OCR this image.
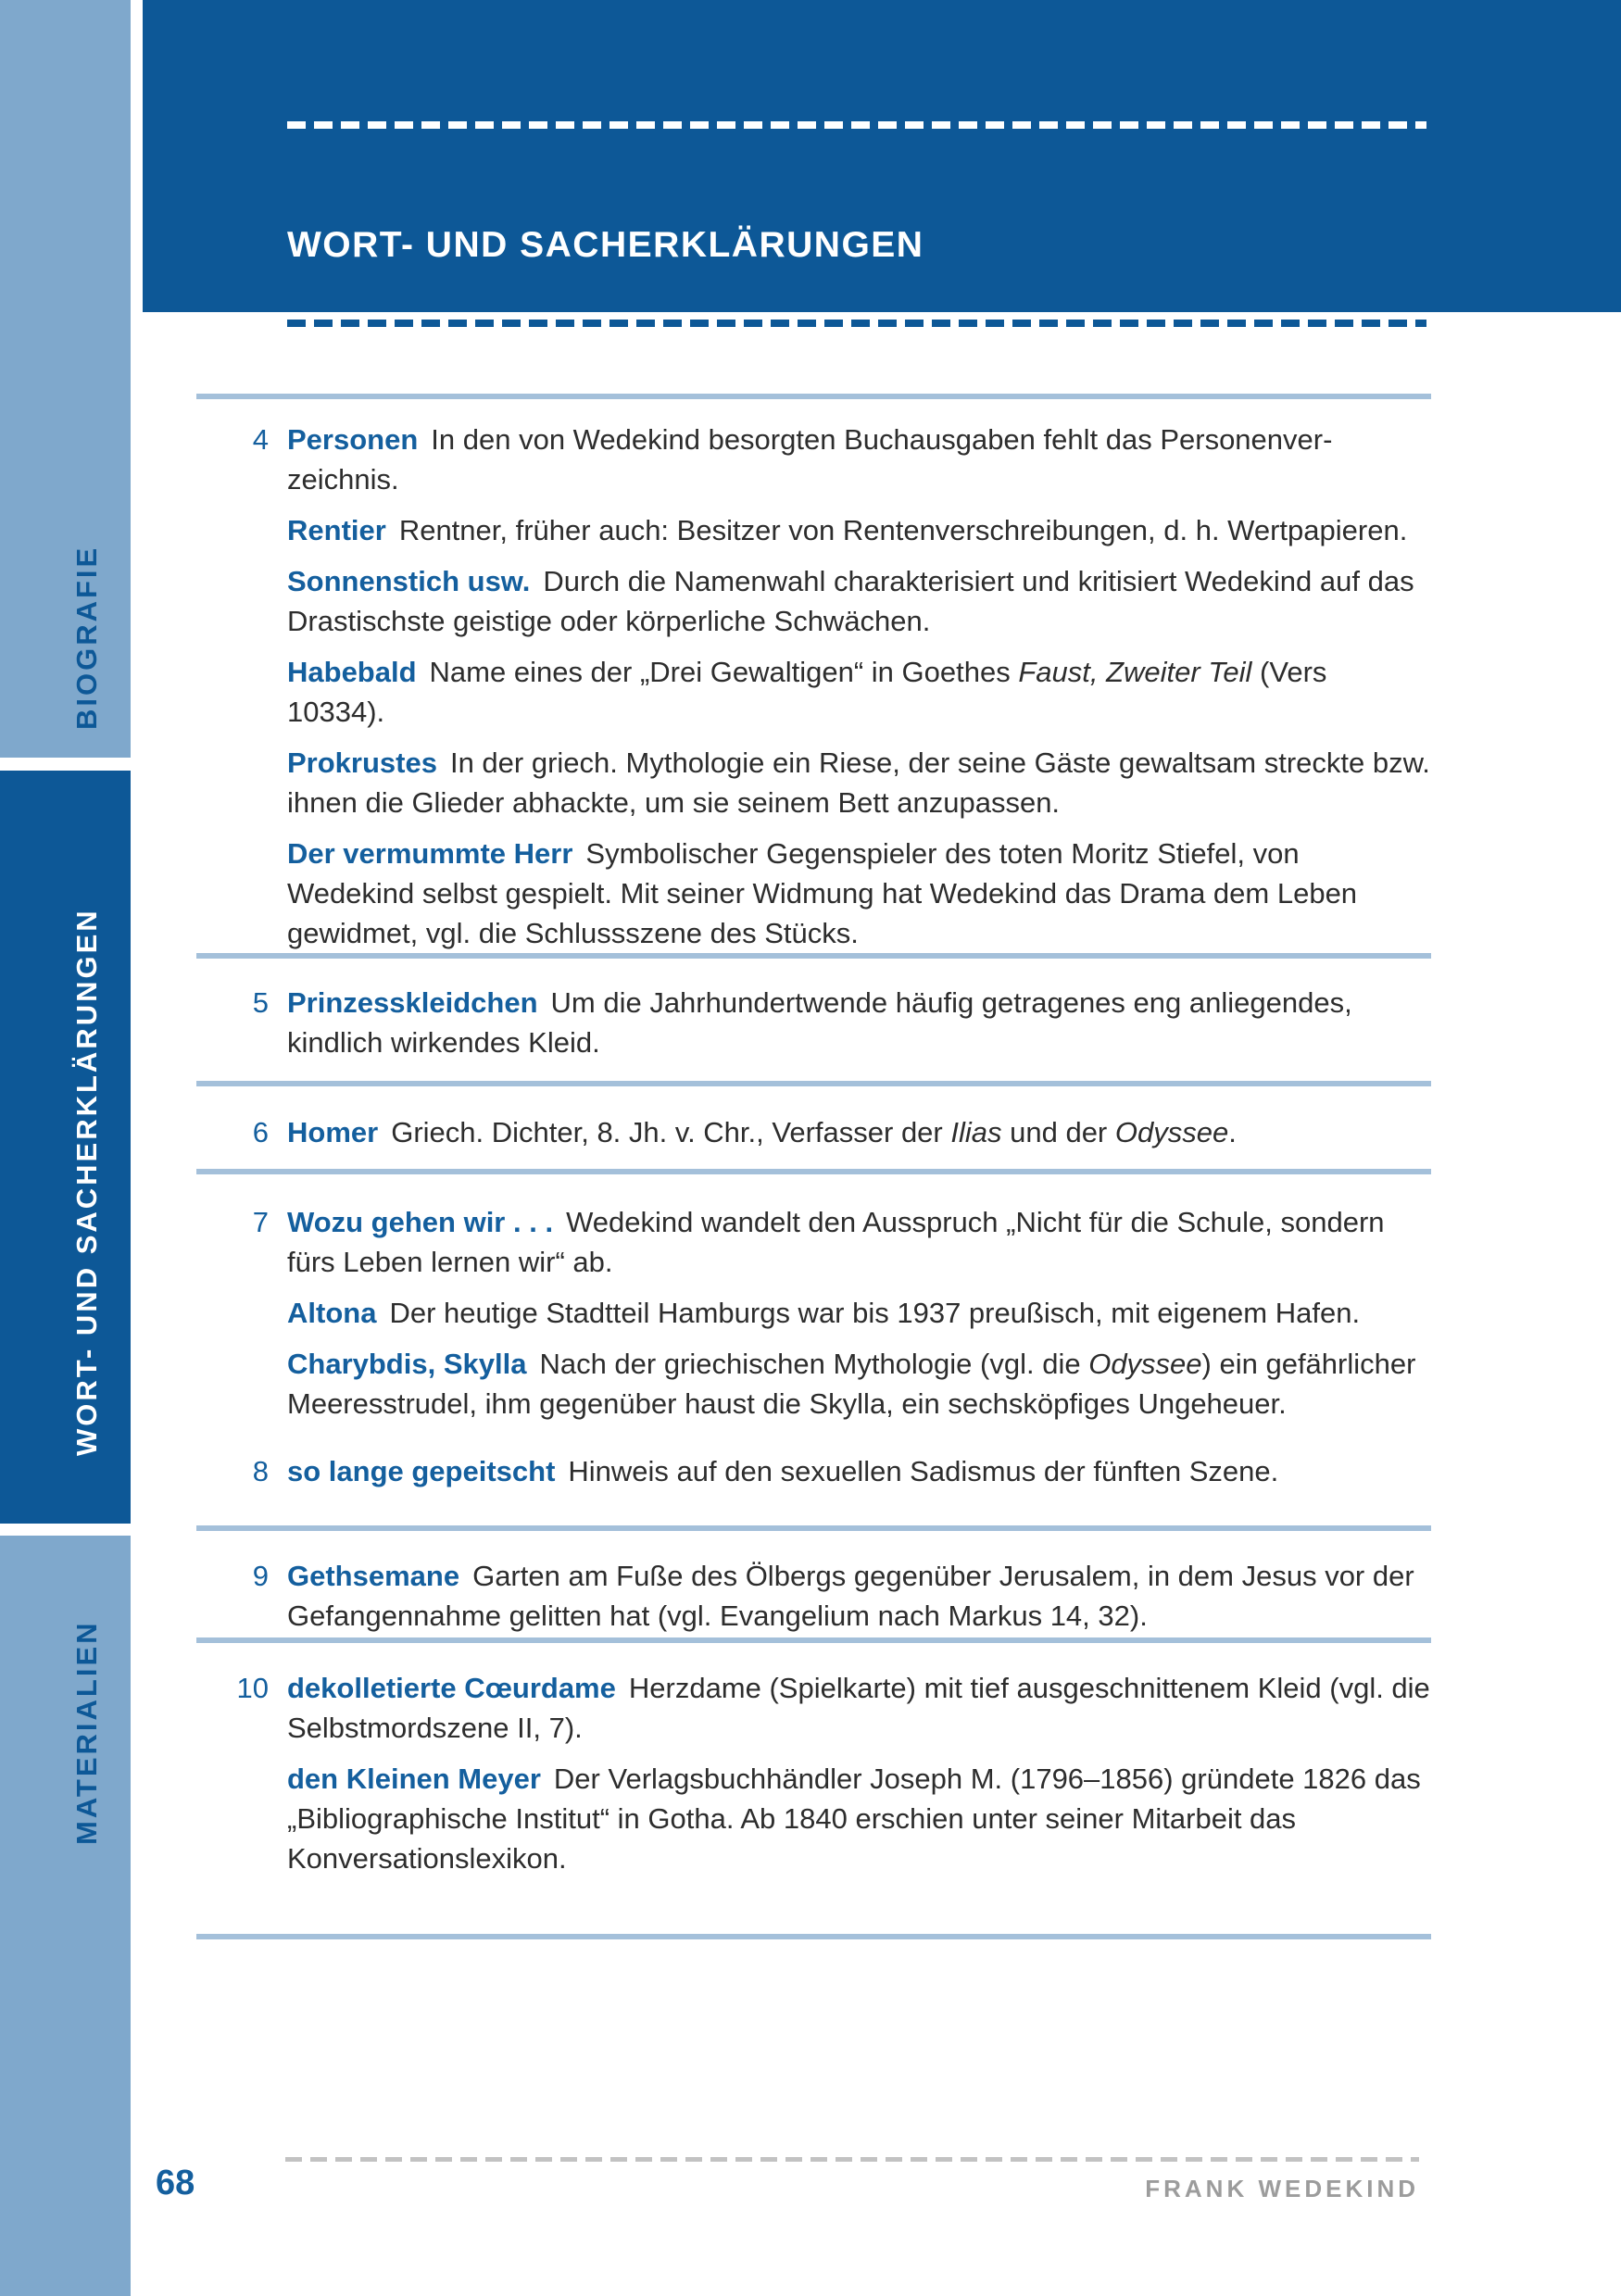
BIOGRAFIE
WORT- UND SACHERKLÄRUNGEN
MATERIALIEN
WORT- UND SACHERKLÄRUNGEN
4 Personen In den von Wedekind besorgten Buchausgaben fehlt das Personenverzeichnis.

Rentier Rentner, früher auch: Besitzer von Rentenverschreibungen, d. h. Wertpapieren.

Sonnenstich usw. Durch die Namenwahl charakterisiert und kritisiert Wedekind auf das Drastischste geistige oder körperliche Schwächen.

Habebald Name eines der „Drei Gewaltigen“ in Goethes Faust, Zweiter Teil (Vers 10334).

Prokrustes In der griech. Mythologie ein Riese, der seine Gäste gewaltsam streckte bzw. ihnen die Glieder abhackte, um sie seinem Bett anzupassen.

Der vermummte Herr Symbolischer Gegenspieler des toten Moritz Stiefel, von Wedekind selbst gespielt. Mit seiner Widmung hat Wedekind das Drama dem Leben gewidmet, vgl. die Schlussszene des Stücks.

5 Prinzesskleidchen Um die Jahrhundertwende häufig getragenes eng anliegendes, kindlich wirkendes Kleid.

6 Homer Griech. Dichter, 8. Jh. v. Chr., Verfasser der Ilias und der Odyssee.

7 Wozu gehen wir . . . Wedekind wandelt den Ausspruch „Nicht für die Schule, sondern fürs Leben lernen wir“ ab.

Altona Der heutige Stadtteil Hamburgs war bis 1937 preußisch, mit eigenem Hafen.

Charybdis, Skylla Nach der griechischen Mythologie (vgl. die Odyssee) ein gefährlicher Meeresstrudel, ihm gegenüber haust die Skylla, ein sechsköpfiges Ungeheuer.

8 so lange gepeitscht Hinweis auf den sexuellen Sadismus der fünften Szene.

9 Gethsemane Garten am Fuße des Ölbergs gegenüber Jerusalem, in dem Jesus vor der Gefangennahme gelitten hat (vgl. Evangelium nach Markus 14, 32).

10 dekolletierte Cœurdame Herzdame (Spielkarte) mit tief ausgeschnittenem Kleid (vgl. die Selbstmordszene II, 7).

den Kleinen Meyer Der Verlagsbuchhändler Joseph M. (1796–1856) gründete 1826 das „Bibliographische Institut“ in Gotha. Ab 1840 erschien unter seiner Mitarbeit das Konversationslexikon.

68	FRANK WEDEKIND
